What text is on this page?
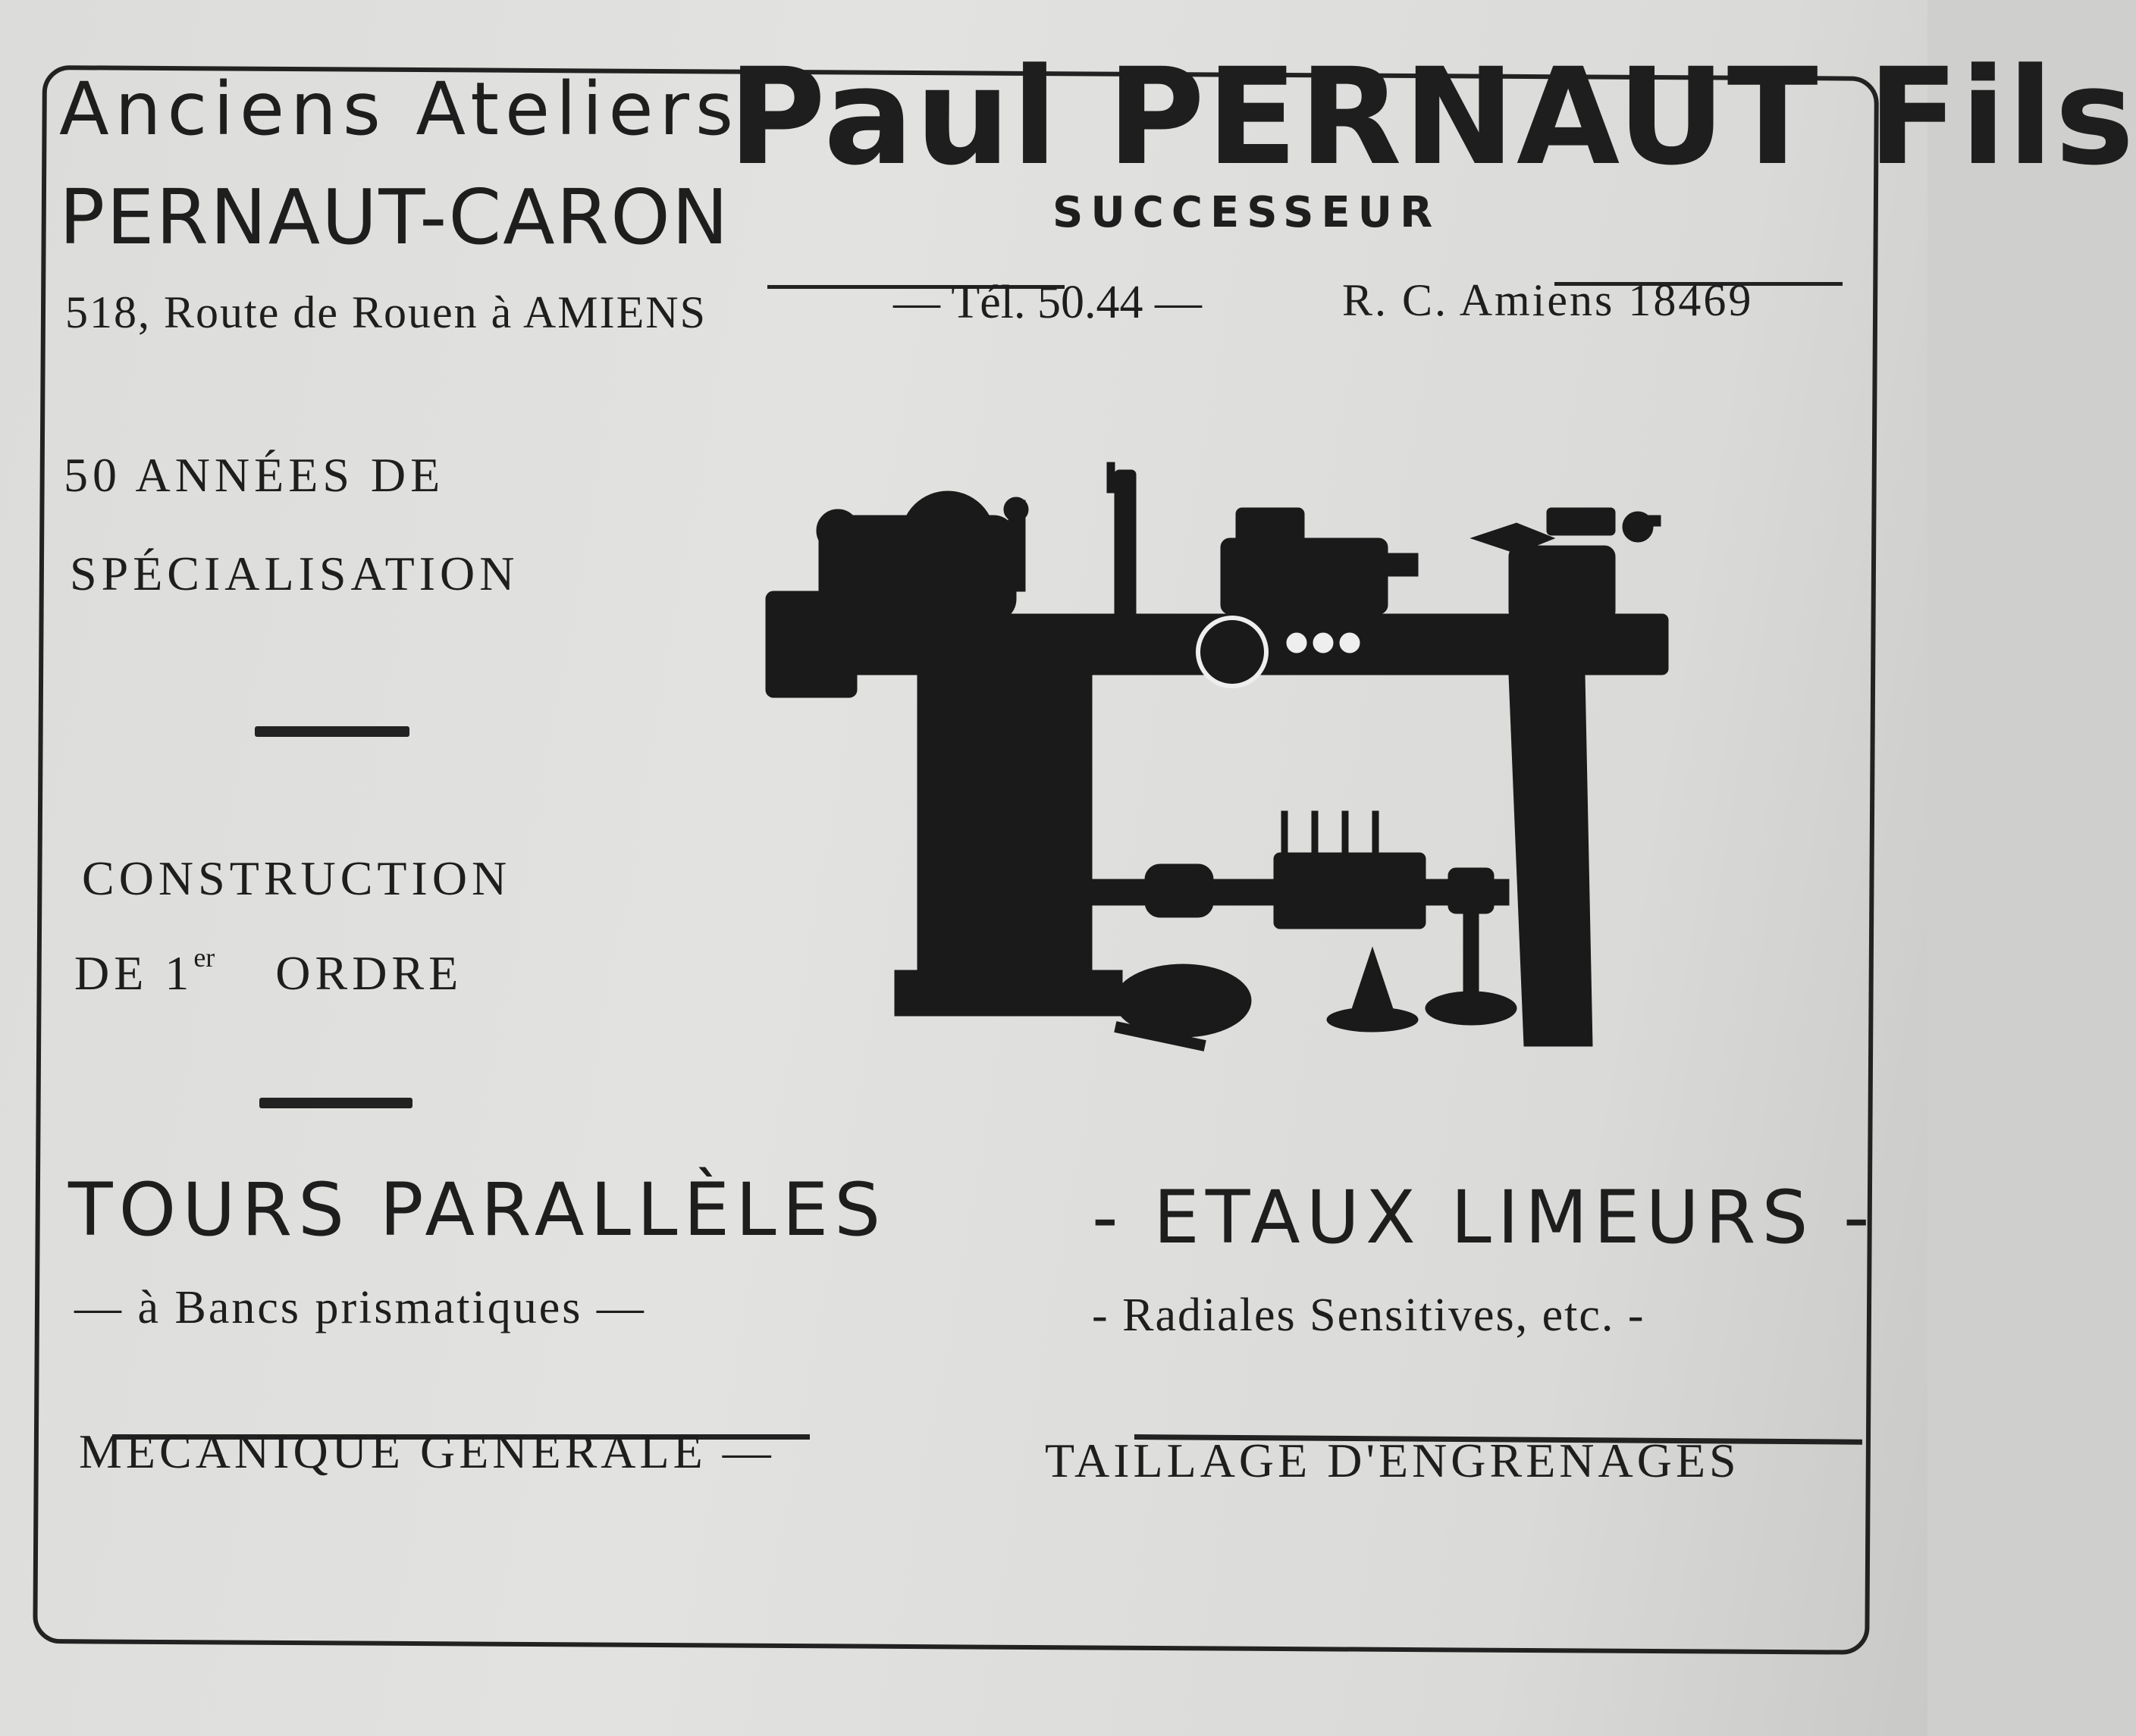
Anciens Ateliers
Paul PERNAUT Fils
PERNAUT-CARON	SUCCESSEUR
518, Route de Rouen à AMIENS	— Tél. 50.44 —	R. C. Amiens 18469
50 ANNÉES DE
SPÉCIALISATION
CONSTRUCTION
DE 1er ORDRE
TOURS PARALLÈLES
— à Bancs prismatiques —
- ETAUX LIMEURS -
- Radiales Sensitives, etc. -
MECANIQUE GENERALE —	TAILLAGE D'ENGRENAGES
